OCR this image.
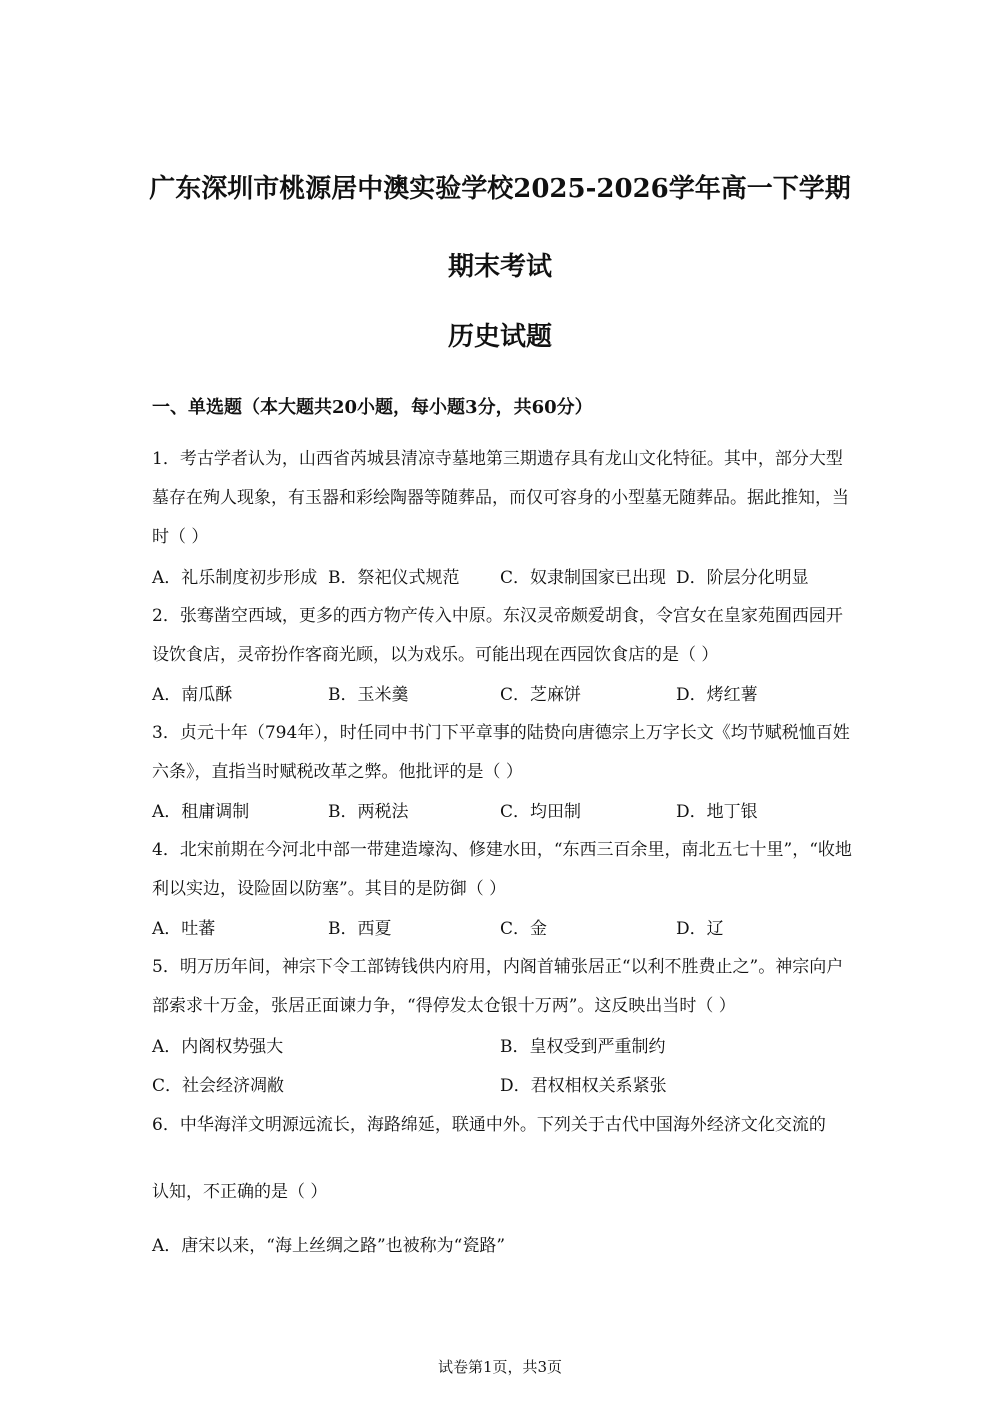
广东深圳市桃源居中澳实验学校2025-2026学年高一下学期
期末考试
历史试题
一、单选题（本大题共20小题，每小题3分，共60分）
1．考古学者认为，山西省芮城县清凉寺墓地第三期遗存具有龙山文化特征。其中，部分大型墓存在殉人现象，有玉器和彩绘陶器等随葬品，而仅可容身的小型墓无随葬品。据此推知，当时（ ）
A．礼乐制度初步形成 B．祭祀仪式规范 C．奴隶制国家已出现 D．阶层分化明显
2．张骞凿空西域，更多的西方物产传入中原。东汉灵帝颇爱胡食，令宫女在皇家苑囿西园开设饮食店，灵帝扮作客商光顾，以为戏乐。可能出现在西园饮食店的是（ ）
A．南瓜酥	B．玉米羹	C．芝麻饼	D．烤红薯
3．贞元十年（794年），时任同中书门下平章事的陆贽向唐德宗上万字长文《均节赋税恤百姓六条》，直指当时赋税改革之弊。他批评的是（ ）
A．租庸调制	B．两税法	C．均田制	D．地丁银
4．北宋前期在今河北中部一带建造壕沟、修建水田，“东西三百余里，南北五七十里”，“收地利以实边，设险固以防塞”。其目的是防御（ ）
A．吐蕃	B．西夏	C．金	D．辽
5．明万历年间，神宗下令工部铸钱供内府用，内阁首辅张居正“以利不胜费止之”。神宗向户部索求十万金，张居正面谏力争，“得停发太仓银十万两”。这反映出当时（ ）
A．内阁权势强大	B．皇权受到严重制约
C．社会经济凋敝	D．君权相权关系紧张
6．中华海洋文明源远流长，海路绵延，联通中外。下列关于古代中国海外经济文化交流的
认知，不正确的是（ ）
A．唐宋以来，“海上丝绸之路”也被称为“瓷路”
试卷第1页，共3页
